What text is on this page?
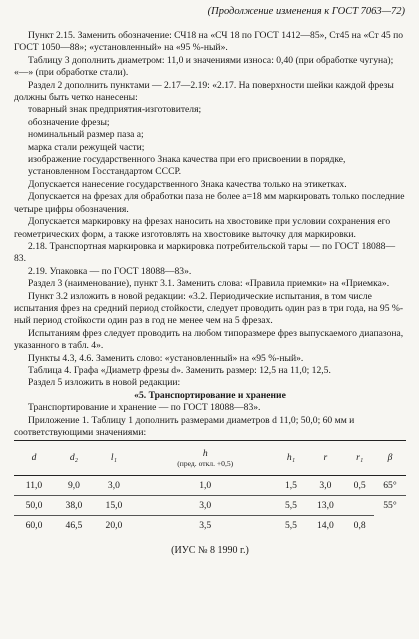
(Продолжение изменения к ГОСТ 7063—72)

Пункт 2.15. Заменить обозначение: СЧ18 на «СЧ 18 по ГОСТ 1412—85», Ст45 на «Ст 45 по ГОСТ 1050—88»; «установленный» на «95 %-ный».

Таблицу 3 дополнить диаметром: 11,0 и значениями износа: 0,40 (при обработке чугуна); «—» (при обработке стали).

Раздел 2 дополнить пунктами — 2.17—2.19: «2.17. На поверхности шейки каждой фрезы должны быть четко нанесены:

товарный знак предприятия-изготовителя;

обозначение фрезы;

номинальный размер паза a;

марка стали режущей части;

изображение государственного Знака качества при его присвоении в порядке, установленном Госстандартом СССР.

Допускается нанесение государственного Знака качества только на этикетках.

Допускается на фрезах для обработки паза не более a=18 мм маркировать только последние четыре цифры обозначения.

Допускается маркировку на фрезах наносить на хвостовике при условии сохранения его геометрических форм, а также изготовлять на хвостовике выточку для маркировки.

2.18. Транспортная маркировка и маркировка потребительской тары — по ГОСТ 18088—83.

2.19. Упаковка — по ГОСТ 18088—83».

Раздел 3 (наименование), пункт 3.1. Заменить слова: «Правила приемки» на «Приемка».

Пункт 3.2 изложить в новой редакции: «3.2. Периодические испытания, в том числе испытания фрез на средний период стойкости, следует проводить один раз в три года, на 95 %-ный период стойкости один раз в год не менее чем на 5 фрезах.

Испытаниям фрез следует проводить на любом типоразмере фрез выпускаемого диапазона, указанного в табл. 4».

Пункты 4.3, 4.6. Заменить слово: «установленный» на «95 %-ный».

Таблица 4. Графа «Диаметр фрезы d». Заменить размер: 12,5 на 11,0; 12,5.

Раздел 5 изложить в новой редакции:

«5. Транспортирование и хранение

Транспортирование и хранение — по ГОСТ 18088—83».

Приложение 1. Таблицу 1 дополнить размерами диаметров d 11,0; 50,0; 60 мм и соответствующими значениями:

d	d₂	l₁	h
(пред. откл. +0,5)	h₁	r	r₁	β
11,0	9,0	3,0	1,0	1,5	3,0	0,5	65°
50,0	38,0	15,0	3,0	5,5	13,0		55°
60,0	46,5	20,0	3,5	5,5	14,0	0,8	

(ИУС № 8 1990 г.)
